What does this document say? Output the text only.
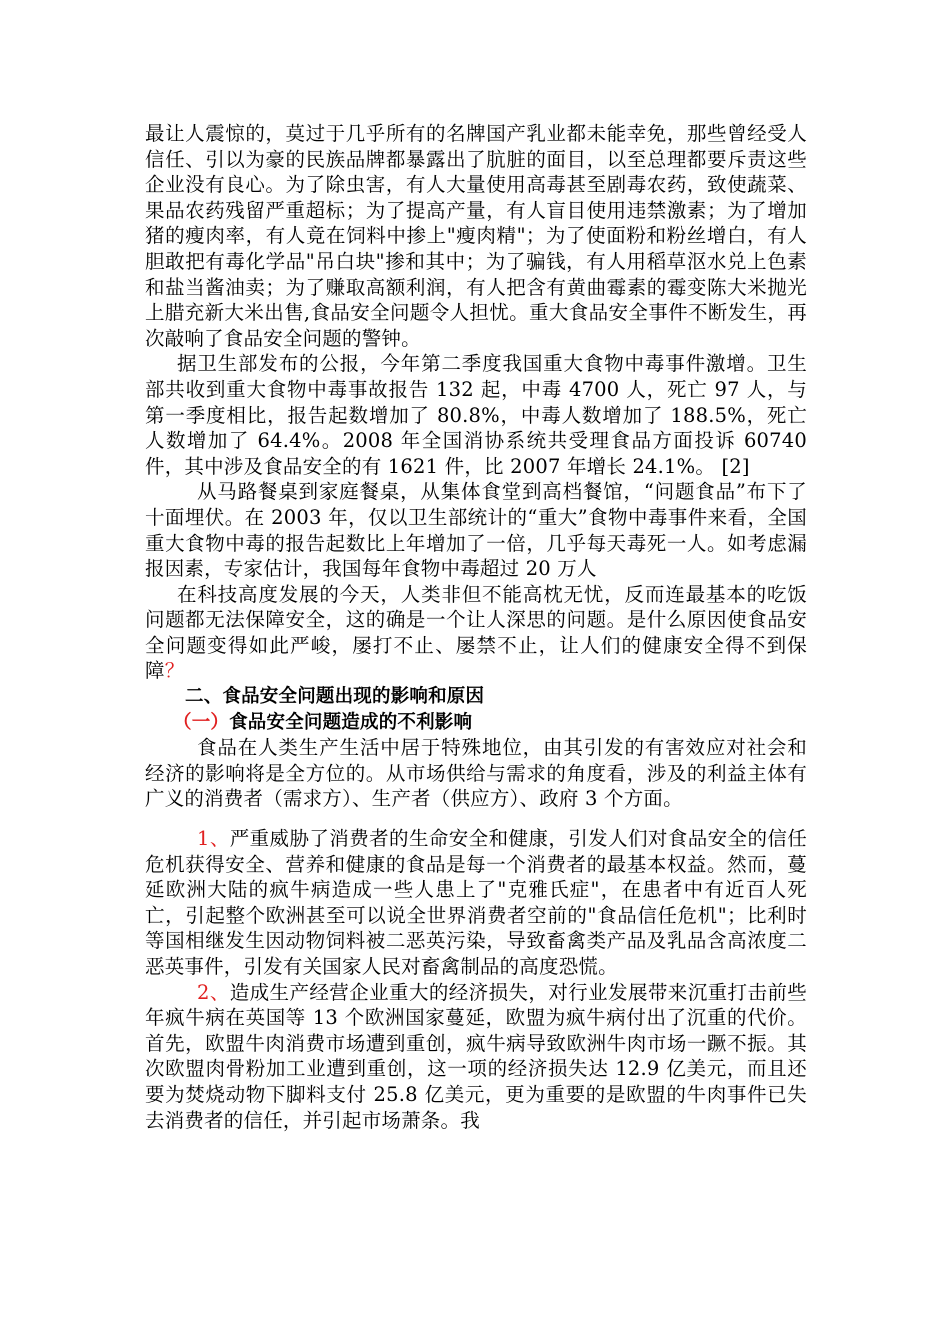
最让人震惊的，莫过于几乎所有的名牌国产乳业都未能幸免，那些曾经受人信任、引以为豪的民族品牌都暴露出了肮脏的面目，以至总理都要斥责这些企业没有良心。为了除虫害，有人大量使用高毒甚至剧毒农药，致使蔬菜、果品农药残留严重超标；为了提高产量，有人盲目使用违禁激素；为了增加猪的瘦肉率，有人竟在饲料中掺上"瘦肉精"；为了使面粉和粉丝增白，有人胆敢把有毒化学品"吊白块"掺和其中；为了骗钱，有人用稻草沤水兑上色素和盐当酱油卖；为了赚取高额利润，有人把含有黄曲霉素的霉变陈大米抛光上腊充新大米出售,食品安全问题令人担忧。重大食品安全事件不断发生，再次敲响了食品安全问题的警钟。

据卫生部发布的公报，今年第二季度我国重大食物中毒事件激增。卫生部共收到重大食物中毒事故报告 132 起，中毒 4700 人，死亡 97 人，与第一季度相比，报告起数增加了 80.8%，中毒人数增加了 188.5%，死亡人数增加了 64.4%。2008 年全国消协系统共受理食品方面投诉 60740 件，其中涉及食品安全的有 1621 件，比 2007 年增长 24.1%。 [2]

从马路餐桌到家庭餐桌，从集体食堂到高档餐馆，“问题食品”布下了十面埋伏。在 2003 年，仅以卫生部统计的“重大”食物中毒事件来看，全国重大食物中毒的报告起数比上年增加了一倍，几乎每天毒死一人。如考虑漏报因素，专家估计，我国每年食物中毒超过 20 万人

在科技高度发展的今天，人类非但不能高枕无忧，反而连最基本的吃饭问题都无法保障安全，这的确是一个让人深思的问题。是什么原因使食品安全问题变得如此严峻，屡打不止、屡禁不止，让人们的健康安全得不到保障？

二、食品安全问题出现的影响和原因

（一）食品安全问题造成的不利影响

食品在人类生产生活中居于特殊地位，由其引发的有害效应对社会和经济的影响将是全方位的。从市场供给与需求的角度看，涉及的利益主体有广义的消费者（需求方）、生产者（供应方）、政府 3 个方面。

1、严重威胁了消费者的生命安全和健康，引发人们对食品安全的信任危机获得安全、营养和健康的食品是每一个消费者的最基本权益。然而，蔓延欧洲大陆的疯牛病造成一些人患上了"克雅氏症"，在患者中有近百人死亡，引起整个欧洲甚至可以说全世界消费者空前的"食品信任危机"；比利时等国相继发生因动物饲料被二恶英污染，导致畜禽类产品及乳品含高浓度二恶英事件，引发有关国家人民对畜禽制品的高度恐慌。

2、造成生产经营企业重大的经济损失，对行业发展带来沉重打击前些年疯牛病在英国等 13 个欧洲国家蔓延，欧盟为疯牛病付出了沉重的代价。首先，欧盟牛肉消费市场遭到重创，疯牛病导致欧洲牛肉市场一蹶不振。其次欧盟肉骨粉加工业遭到重创，这一项的经济损失达 12.9 亿美元，而且还要为焚烧动物下脚料支付 25.8 亿美元，更为重要的是欧盟的牛肉事件已失去消费者的信任，并引起市场萧条。我
